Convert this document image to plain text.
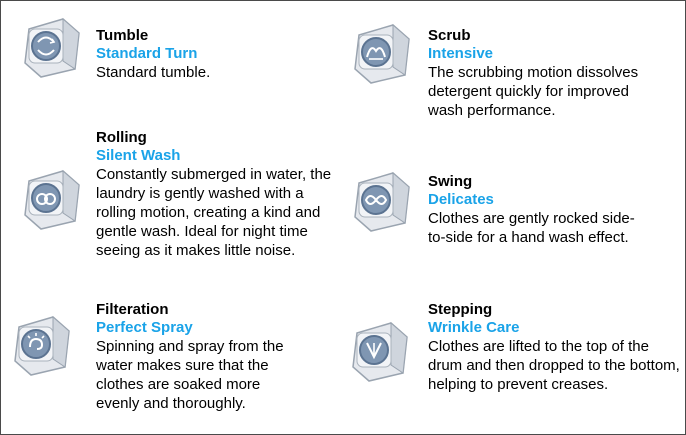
Tumble
Standard Turn
Standard tumble.
Scrub
Intensive
The scrubbing motion dissolves detergent quickly for improved wash performance.
Rolling
Silent Wash
Constantly submerged in water, the laundry is gently washed with a rolling motion, creating a kind and gentle wash. Ideal for night time seeing as it makes little noise.
Swing
Delicates
Clothes are gently rocked side-to-side for a hand wash effect.
Filteration
Perfect Spray
Spinning and spray from the water makes sure that the clothes are soaked more evenly and thoroughly.
Stepping
Wrinkle Care
Clothes are lifted to the top of the drum and then dropped to the bottom, helping to prevent creases.
